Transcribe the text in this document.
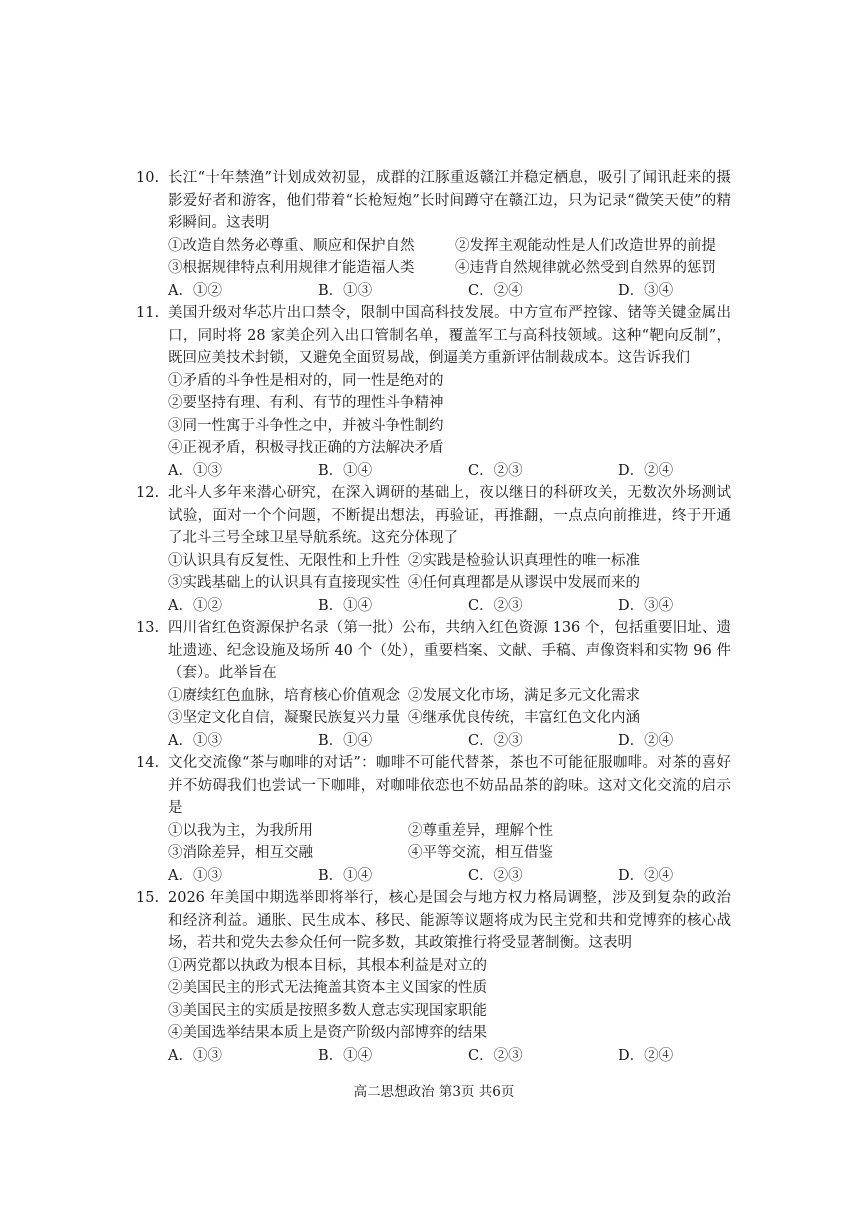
10. 长江“十年禁渔”计划成效初显，成群的江豚重返赣江并稳定栖息，吸引了闻讯赶来的摄影爱好者和游客，他们带着“长枪短炮”长时间蹲守在赣江边，只为记录“微笑天使”的精彩瞬间。这表明
①改造自然务必尊重、顺应和保护自然	②发挥主观能动性是人们改造世界的前提
③根据规律特点利用规律才能造福人类	④违背自然规律就必然受到自然界的惩罚
A．①②	B．①③	C．②④	D．③④
11. 美国升级对华芯片出口禁令，限制中国高科技发展。中方宣布严控镓、锗等关键金属出口，同时将 28 家美企列入出口管制名单，覆盖军工与高科技领域。这种“靶向反制”，既回应美技术封锁，又避免全面贸易战，倒逼美方重新评估制裁成本。这告诉我们
①矛盾的斗争性是相对的，同一性是绝对的
②要坚持有理、有利、有节的理性斗争精神
③同一性寓于斗争性之中，并被斗争性制约
④正视矛盾，积极寻找正确的方法解决矛盾
A．①③	B．①④	C．②③	D．②④
12. 北斗人多年来潜心研究，在深入调研的基础上，夜以继日的科研攻关，无数次外场测试试验，面对一个个问题，不断提出想法，再验证，再推翻，一点点向前推进，终于开通了北斗三号全球卫星导航系统。这充分体现了
①认识具有反复性、无限性和上升性 ②实践是检验认识真理性的唯一标准
③实践基础上的认识具有直接现实性 ④任何真理都是从谬误中发展而来的
A．①②	B．①④	C．②③	D．③④
13. 四川省红色资源保护名录（第一批）公布，共纳入红色资源 136 个，包括重要旧址、遗址遗迹、纪念设施及场所 40 个（处），重要档案、文献、手稿、声像资料和实物 96 件（套）。此举旨在
①赓续红色血脉，培育核心价值观念 ②发展文化市场，满足多元文化需求
③坚定文化自信，凝聚民族复兴力量 ④继承优良传统，丰富红色文化内涵
A．①③	B．①④	C．②③	D．②④
14. 文化交流像“茶与咖啡的对话”：咖啡不可能代替茶，茶也不可能征服咖啡。对茶的喜好并不妨碍我们也尝试一下咖啡，对咖啡依恋也不妨品品茶的韵味。这对文化交流的启示是
①以我为主，为我所用	②尊重差异，理解个性
③消除差异，相互交融	④平等交流，相互借鉴
A．①③	B．①④	C．②③	D．②④
15. 2026 年美国中期选举即将举行，核心是国会与地方权力格局调整，涉及到复杂的政治和经济利益。通胀、民生成本、移民、能源等议题将成为民主党和共和党博弈的核心战场，若共和党失去参众任何一院多数，其政策推行将受显著制衡。这表明
①两党都以执政为根本目标，其根本利益是对立的
②美国民主的形式无法掩盖其资本主义国家的性质
③美国民主的实质是按照多数人意志实现国家职能
④美国选举结果本质上是资产阶级内部博弈的结果
A．①③	B．①④	C．②③	D．②④
高二思想政治 第3页 共6页
